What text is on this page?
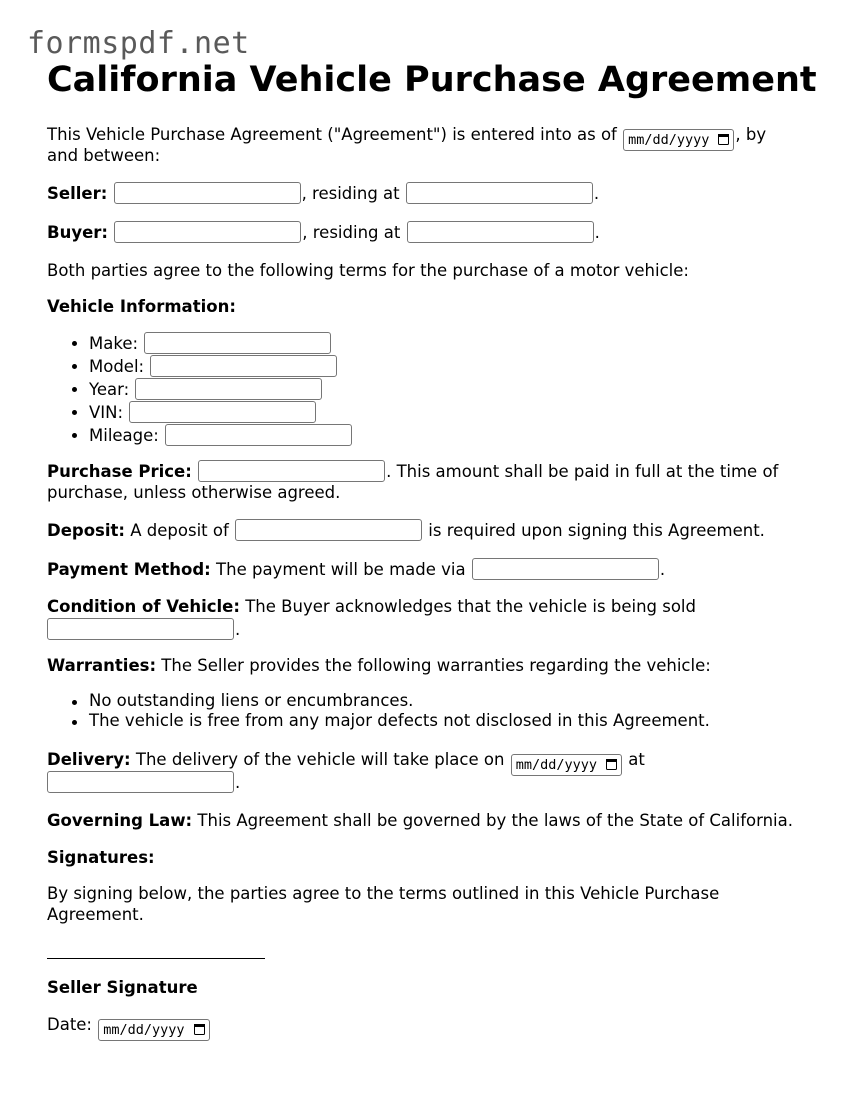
formspdf.net
California Vehicle Purchase Agreement
This Vehicle Purchase Agreement ("Agreement") is entered into as of mm/dd/yyyy , by
and between:
Seller:	, residing at	.
Buyer:	, residing at	.
Both parties agree to the following terms for the purchase of a motor vehicle:
Vehicle Information:
Make:
Model:
Year:
VIN:
Mileage:
Purchase Price:	. This amount shall be paid in full at the time of
purchase, unless otherwise agreed.
Deposit: A deposit of	is required upon signing this Agreement.
Payment Method: The payment will be made via	.
Condition of Vehicle: The Buyer acknowledges that the vehicle is being sold
.
Warranties: The Seller provides the following warranties regarding the vehicle:
No outstanding liens or encumbrances.
The vehicle is free from any major defects not disclosed in this Agreement.
Delivery: The delivery of the vehicle will take place on mm/dd/yyyy at
.
Governing Law: This Agreement shall be governed by the laws of the State of California.
Signatures:
By signing below, the parties agree to the terms outlined in this Vehicle Purchase
Agreement.
Seller Signature
Date: mm/dd/yyyy
